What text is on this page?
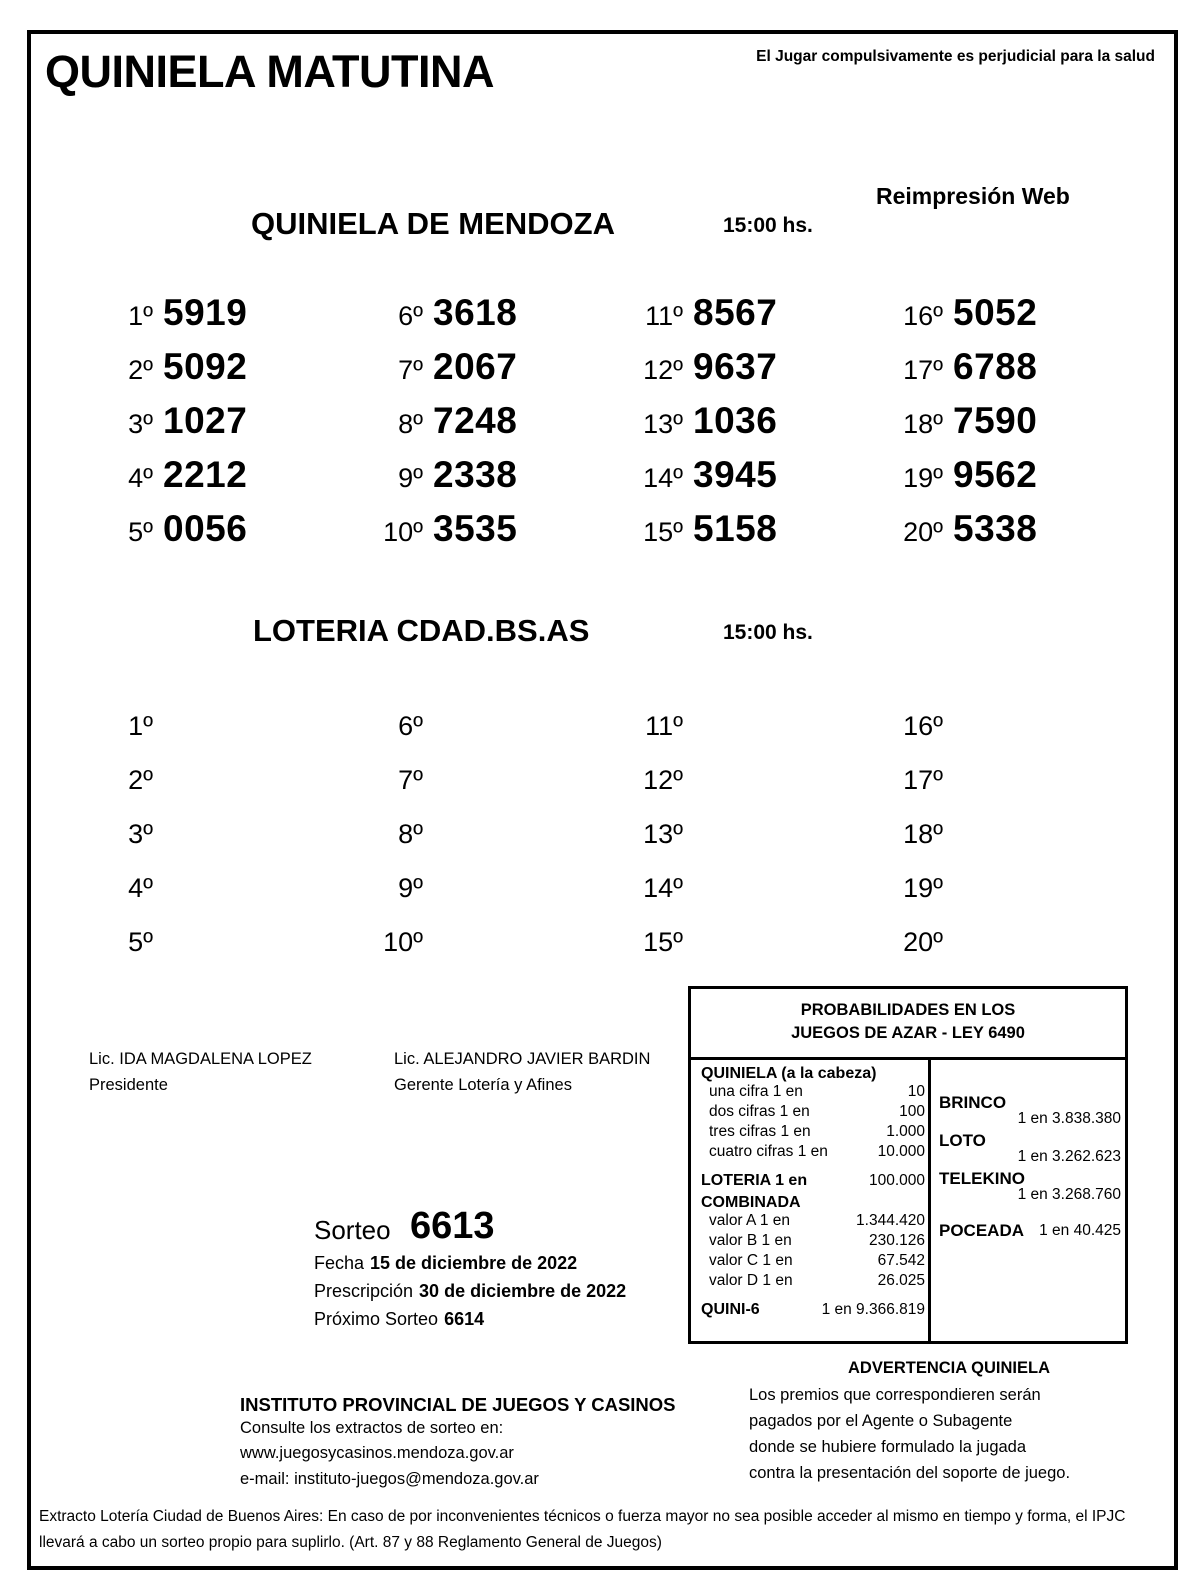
QUINIELA MATUTINA	El Jugar compulsivamente es perjudicial para la salud
QUINIELA DE MENDOZA	15:00 hs.
Reimpresión Web
1º 5919
2º 5092
3º 1027
4º 2212
5º 0056
6º 3618
7º 2067
8º 7248
9º 2338
10º 3535
11º 8567
12º 9637
13º 1036
14º 3945
15º 5158
16º 5052
17º 6788
18º 7590
19º 9562
20º 5338
LOTERIA CDAD.BS.AS	15:00 hs.
1º
2º
3º
4º
5º
6º
7º
8º
9º
10º
11º
12º
13º
14º
15º
16º
17º
18º
19º
20º
Lic. IDA MAGDALENA LOPEZ
Presidente
Lic. ALEJANDRO JAVIER BARDIN
Gerente Lotería y Afines
Sorteo 6613
Fecha 15 de diciembre de 2022
Prescripción 30 de diciembre de 2022
Próximo Sorteo 6614
PROBABILIDADES EN LOS
JUEGOS DE AZAR - LEY 6490
QUINIELA (a la cabeza)
una cifra 1 en	10
dos cifras 1 en	100
tres cifras 1 en	1.000
cuatro cifras 1 en	10.000
LOTERIA 1 en	100.000
COMBINADA
valor A 1 en	1.344.420
valor B 1 en	230.126
valor C 1 en	67.542
valor D 1 en	26.025
QUINI-6	1 en 9.366.819
BRINCO
1 en 3.838.380
LOTO
1 en 3.262.623
TELEKINO
1 en 3.268.760
POCEADA 1 en 40.425
ADVERTENCIA QUINIELA
Los premios que correspondieren serán
pagados por el Agente o Subagente
donde se hubiere formulado la jugada
contra la presentación del soporte de juego.
INSTITUTO PROVINCIAL DE JUEGOS Y CASINOS
Consulte los extractos de sorteo en:
www.juegosycasinos.mendoza.gov.ar
e-mail: instituto-juegos@mendoza.gov.ar
Extracto Lotería Ciudad de Buenos Aires: En caso de por inconvenientes técnicos o fuerza mayor no sea posible acceder al mismo en tiempo y forma, el IPJC llevará a cabo un sorteo propio para suplirlo. (Art. 87 y 88 Reglamento General de Juegos)
